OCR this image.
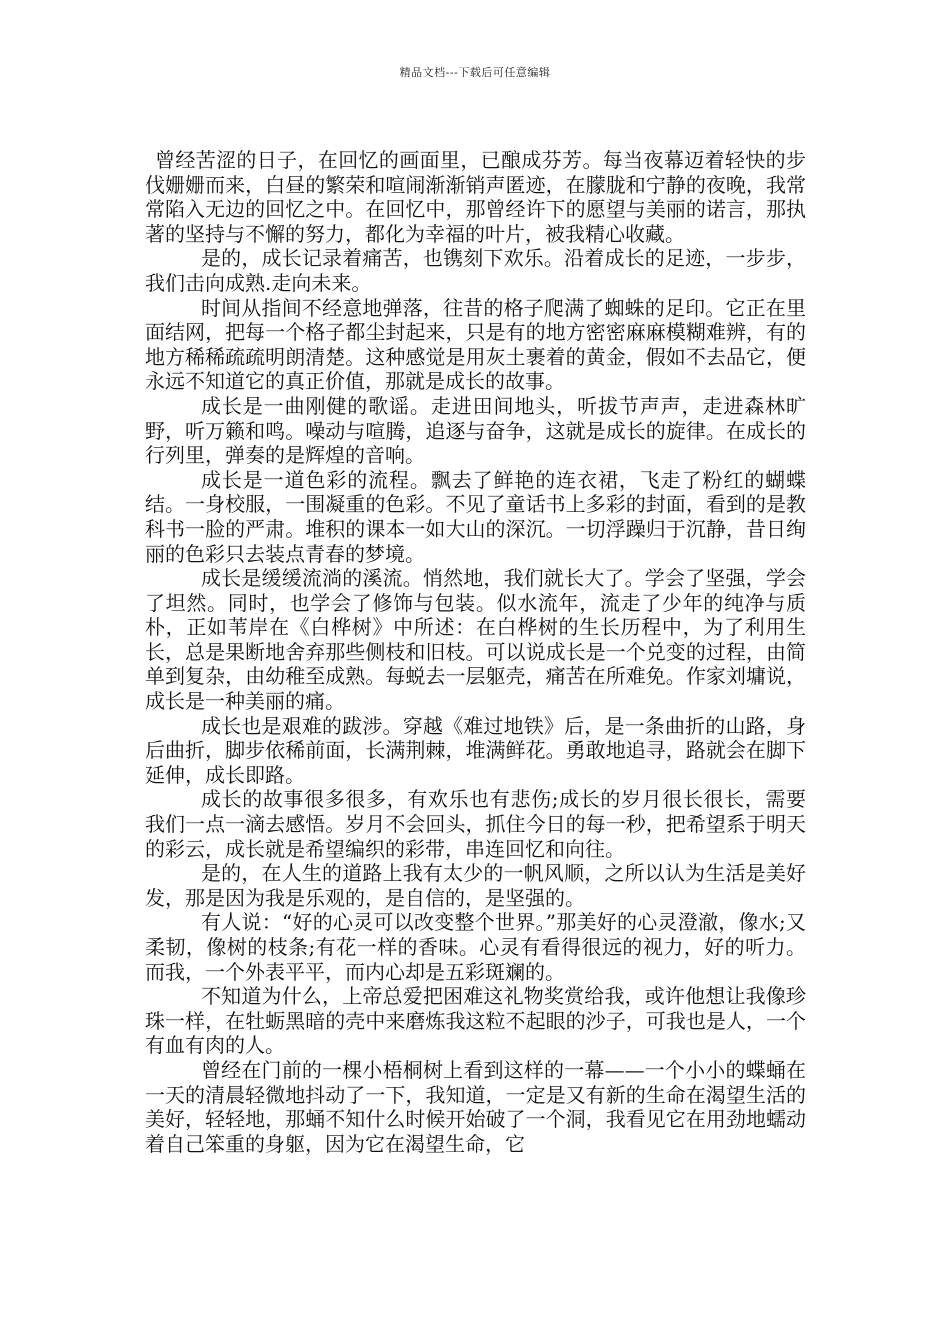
精品文档---下载后可任意编辑

曾经苦涩的日子，在回忆的画面里，已酿成芬芳。每当夜幕迈着轻快的步伐姗姗而来，白昼的繁荣和喧闹渐渐销声匿迹，在朦胧和宁静的夜晚，我常常陷入无边的回忆之中。在回忆中，那曾经许下的愿望与美丽的诺言，那执著的坚持与不懈的努力，都化为幸福的叶片，被我精心收藏。

是的，成长记录着痛苦，也镌刻下欢乐。沿着成长的足迹，一步步，我们击向成熟.走向未来。

时间从指间不经意地弹落，往昔的格子爬满了蜘蛛的足印。它正在里面结网，把每一个格子都尘封起来，只是有的地方密密麻麻模糊难辨，有的地方稀稀疏疏明朗清楚。这种感觉是用灰土裹着的黄金，假如不去品它，便永远不知道它的真正价值，那就是成长的故事。

成长是一曲刚健的歌谣。走进田间地头，听拔节声声，走进森林旷野，听万籁和鸣。噪动与喧腾，追逐与奋争，这就是成长的旋律。在成长的行列里，弹奏的是辉煌的音响。

成长是一道色彩的流程。飘去了鲜艳的连衣裙，飞走了粉红的蝴蝶结。一身校服，一围凝重的色彩。不见了童话书上多彩的封面，看到的是教科书一脸的严肃。堆积的课本一如大山的深沉。一切浮躁归于沉静，昔日绚丽的色彩只去装点青春的梦境。

成长是缓缓流淌的溪流。悄然地，我们就长大了。学会了坚强，学会了坦然。同时，也学会了修饰与包装。似水流年，流走了少年的纯净与质朴，正如苇岸在《白桦树》中所述：在白桦树的生长历程中，为了利用生长，总是果断地舍弃那些侧枝和旧枝。可以说成长是一个兑变的过程，由简单到复杂，由幼稚至成熟。每蜕去一层躯壳，痛苦在所难免。作家刘墉说，成长是一种美丽的痛。

成长也是艰难的跋涉。穿越《难过地铁》后，是一条曲折的山路，身后曲折，脚步依稀前面，长满荆棘，堆满鲜花。勇敢地追寻，路就会在脚下延伸，成长即路。

成长的故事很多很多，有欢乐也有悲伤;成长的岁月很长很长，需要我们一点一滴去感悟。岁月不会回头，抓住今日的每一秒，把希望系于明天的彩云，成长就是希望编织的彩带，串连回忆和向往。

是的，在人生的道路上我有太少的一帆风顺，之所以认为生活是美好发，那是因为我是乐观的，是自信的，是坚强的。

有人说：“好的心灵可以改变整个世界。”那美好的心灵澄澈，像水;又柔韧，像树的枝条;有花一样的香味。心灵有看得很远的视力，好的听力。而我，一个外表平平，而内心却是五彩斑斓的。

不知道为什么，上帝总爱把困难这礼物奖赏给我，或许他想让我像珍珠一样，在牡蛎黑暗的壳中来磨炼我这粒不起眼的沙子，可我也是人，一个有血有肉的人。

曾经在门前的一棵小梧桐树上看到这样的一幕——一个小小的蝶蛹在一天的清晨轻微地抖动了一下，我知道，一定是又有新的生命在渴望生活的美好，轻轻地，那蛹不知什么时候开始破了一个洞，我看见它在用劲地蠕动着自己笨重的身躯，因为它在渴望生命，它
